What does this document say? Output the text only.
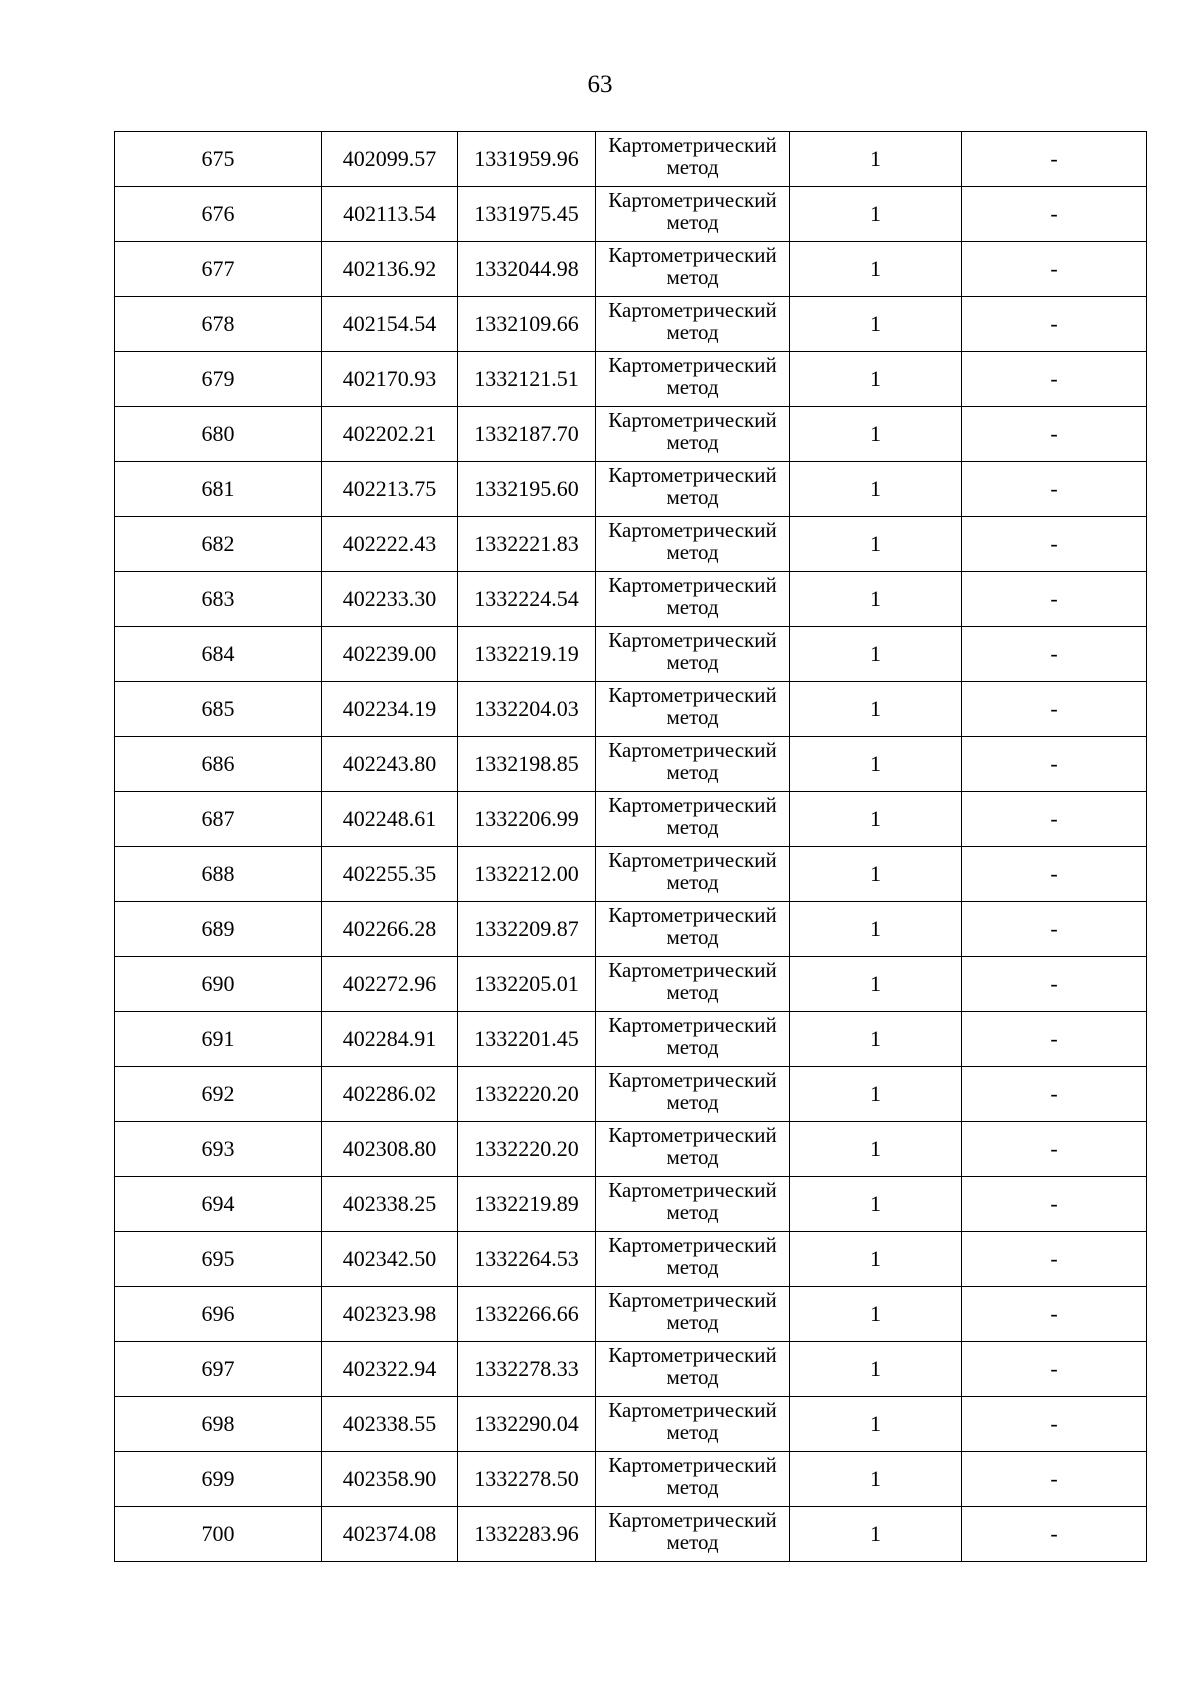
63
675	402099.57	1331959.96	Картометрический
метод	1	-
676	402113.54	1331975.45	Картометрический
метод	1	-
677	402136.92	1332044.98	Картометрический
метод	1	-
678	402154.54	1332109.66	Картометрический
метод	1	-
679	402170.93	1332121.51	Картометрический
метод	1	-
680	402202.21	1332187.70	Картометрический
метод	1	-
681	402213.75	1332195.60	Картометрический
метод	1	-
682	402222.43	1332221.83	Картометрический
метод	1	-
683	402233.30	1332224.54	Картометрический
метод	1	-
684	402239.00	1332219.19	Картометрический
метод	1	-
685	402234.19	1332204.03	Картометрический
метод	1	-
686	402243.80	1332198.85	Картометрический
метод	1	-
687	402248.61	1332206.99	Картометрический
метод	1	-
688	402255.35	1332212.00	Картометрический
метод	1	-
689	402266.28	1332209.87	Картометрический
метод	1	-
690	402272.96	1332205.01	Картометрический
метод	1	-
691	402284.91	1332201.45	Картометрический
метод	1	-
692	402286.02	1332220.20	Картометрический
метод	1	-
693	402308.80	1332220.20	Картометрический
метод	1	-
694	402338.25	1332219.89	Картометрический
метод	1	-
695	402342.50	1332264.53	Картометрический
метод	1	-
696	402323.98	1332266.66	Картометрический
метод	1	-
697	402322.94	1332278.33	Картометрический
метод	1	-
698	402338.55	1332290.04	Картометрический
метод	1	-
699	402358.90	1332278.50	Картометрический
метод	1	-
700	402374.08	1332283.96	Картометрический
метод	1	-
